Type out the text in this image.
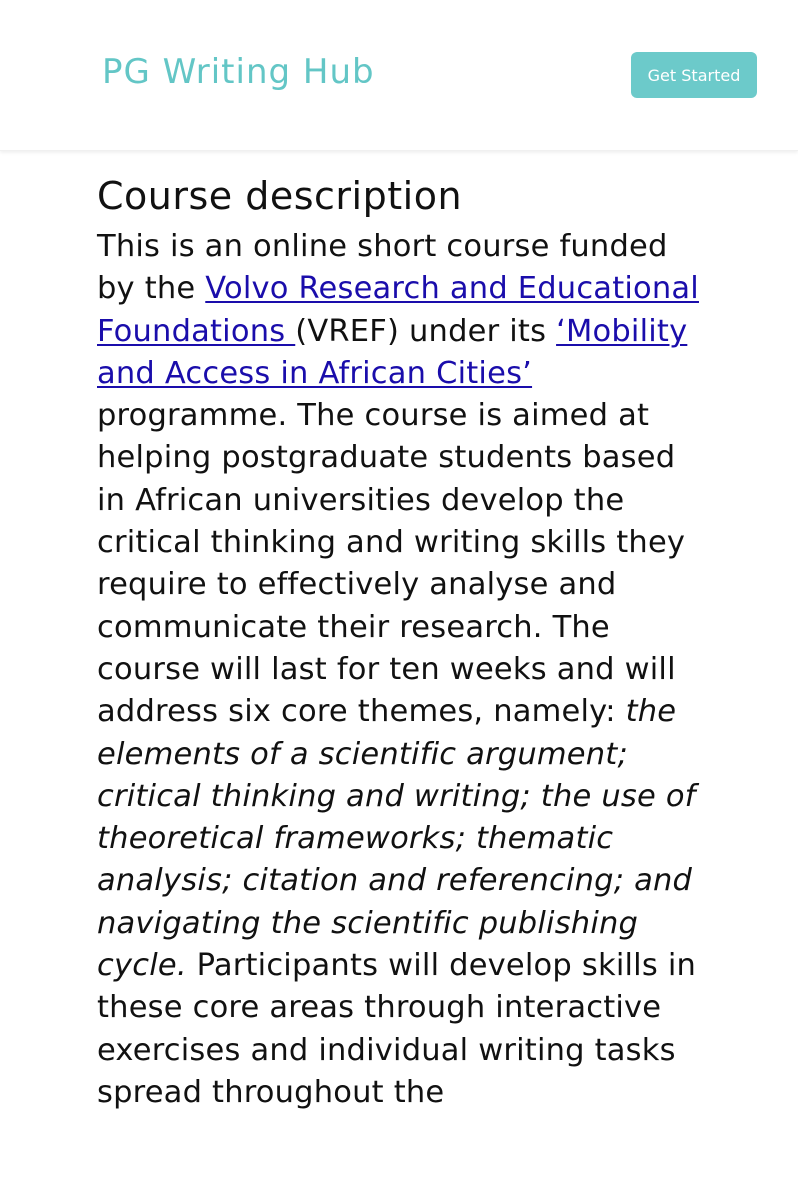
PG Writing Hub	Get Started
Course description

This is an online short course funded by the Volvo Research and Educational Foundations (VREF) under its ‘Mobility and Access in African Cities’ programme. The course is aimed at helping postgraduate students based in African universities develop the critical thinking and writing skills they require to effectively analyse and communicate their research. The course will last for ten weeks and will address six core themes, namely: the elements of a scientific argument; critical thinking and writing; the use of theoretical frameworks; thematic analysis; citation and referencing; and navigating the scientific publishing cycle. Participants will develop skills in these core areas through interactive exercises and individual writing tasks spread throughout the
